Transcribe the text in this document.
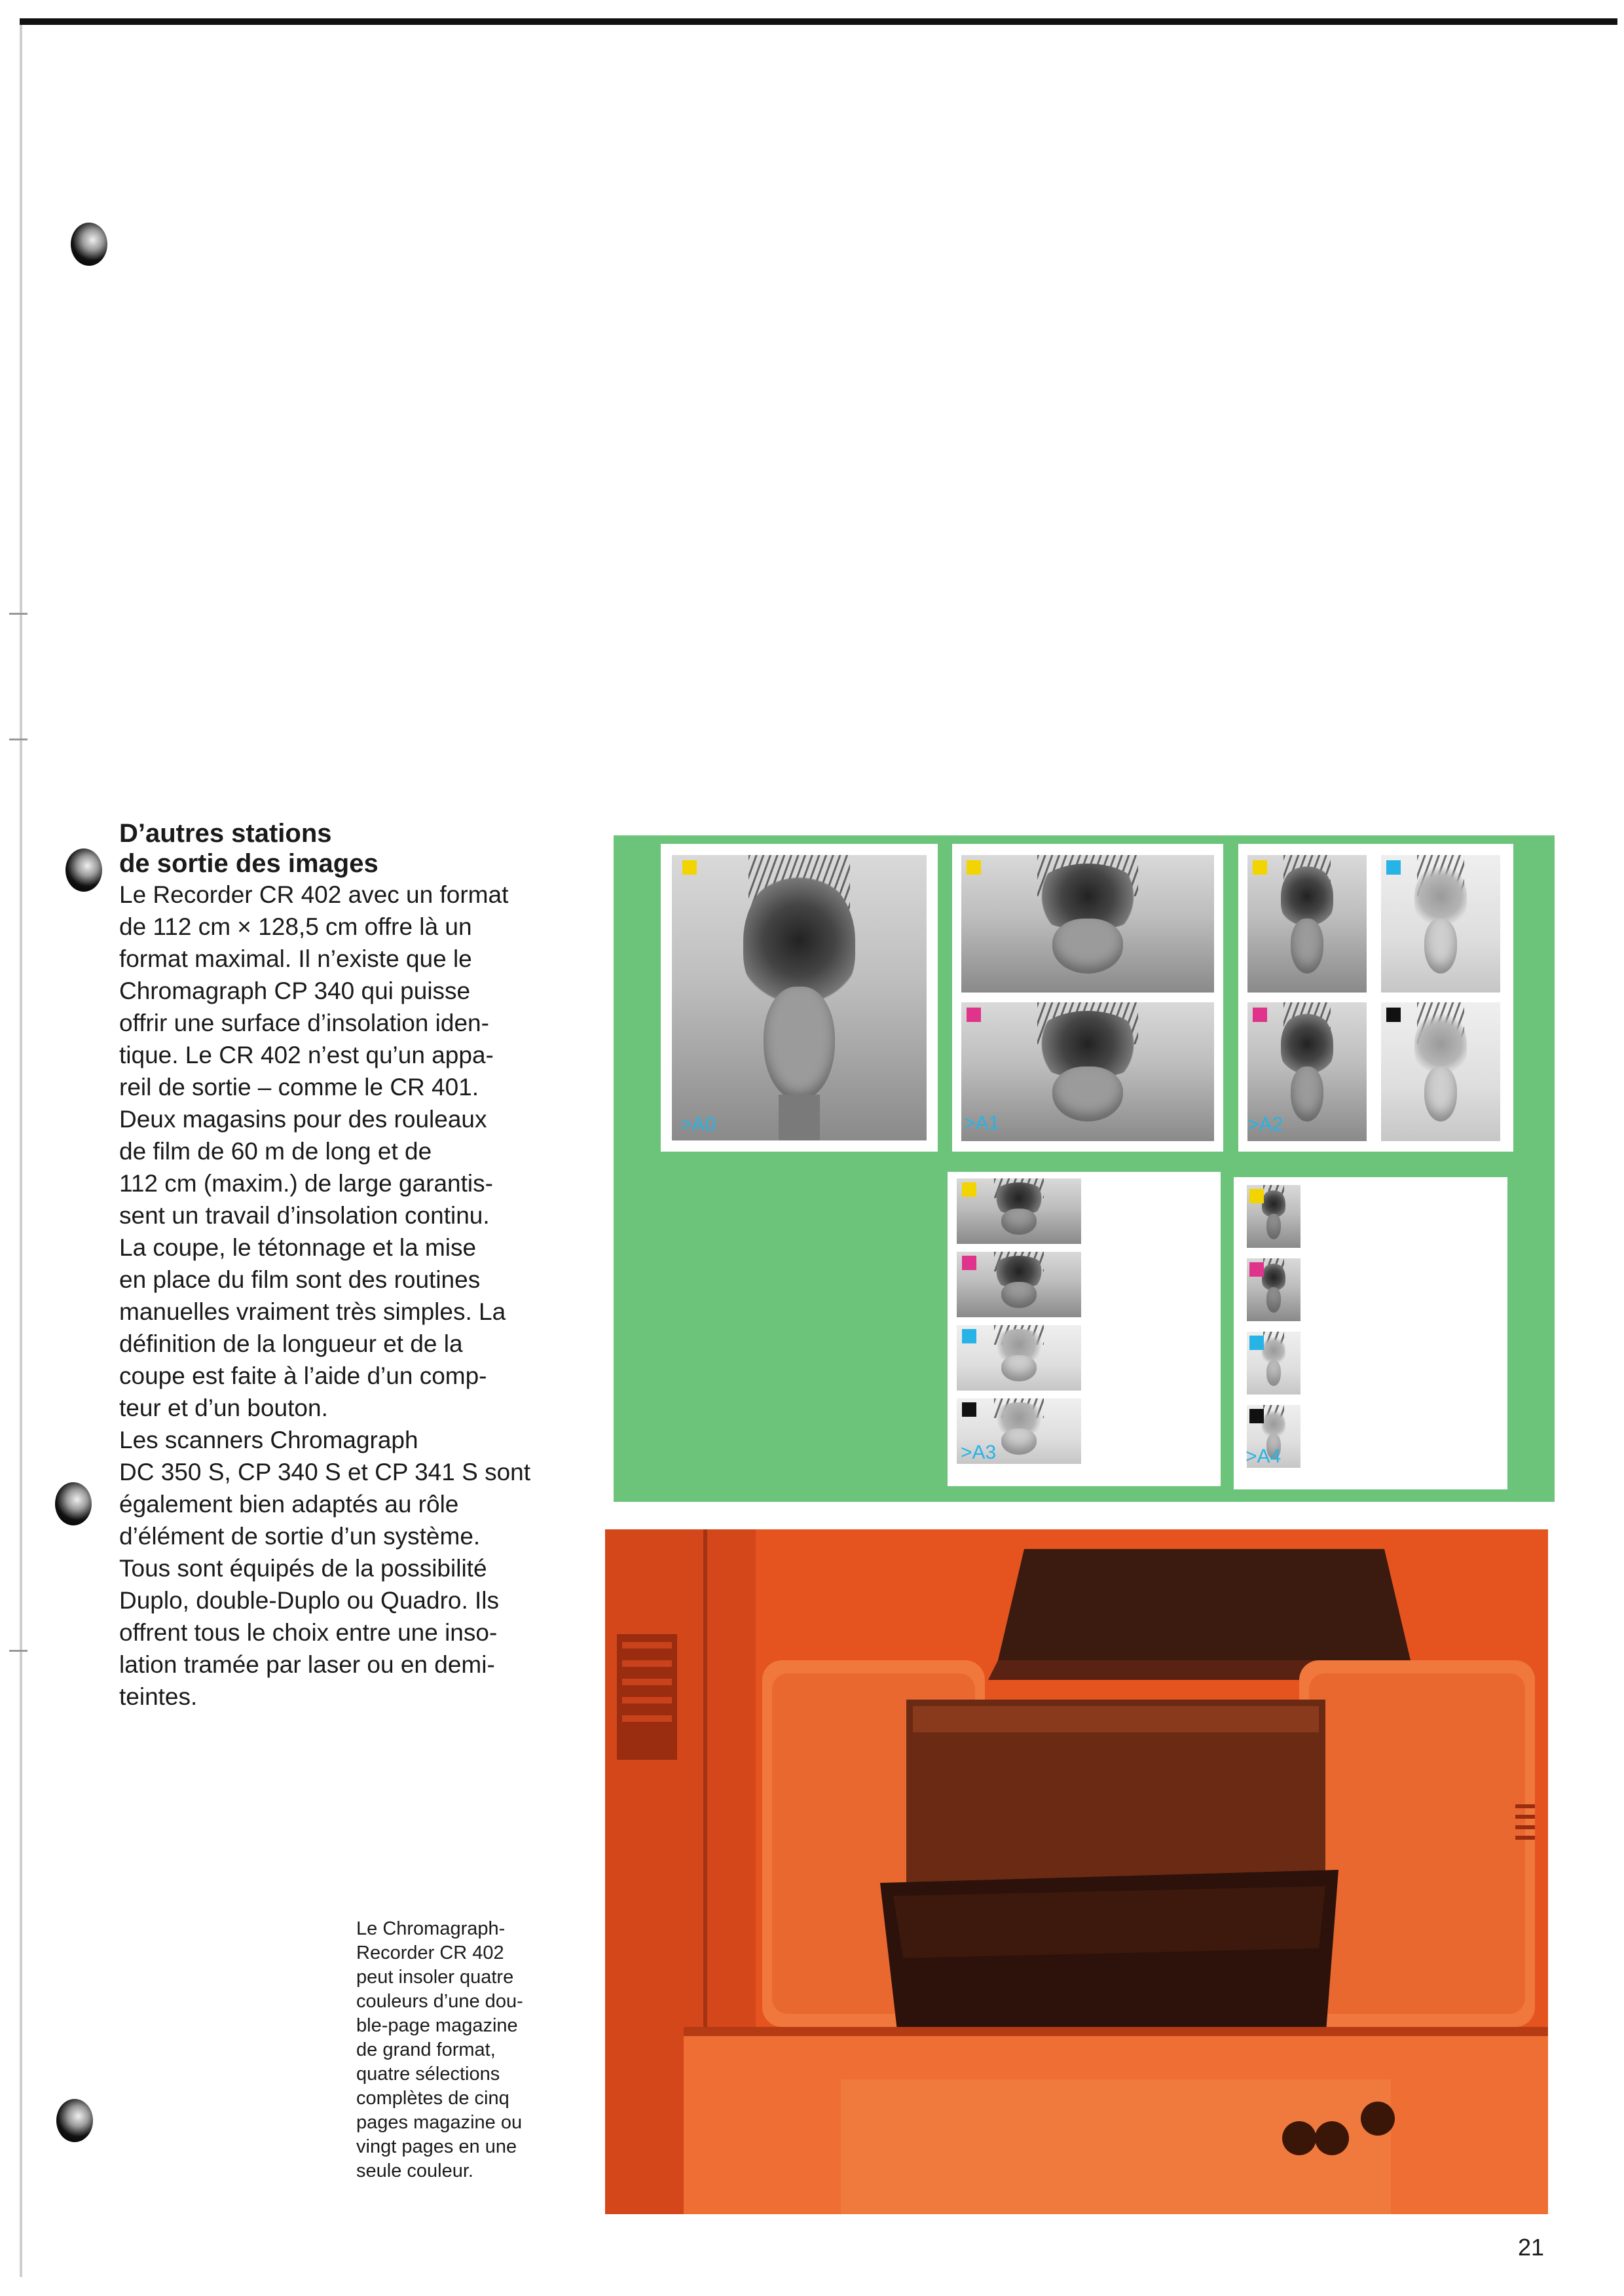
D’autres stations

de sortie des images

Le Recorder CR 402 avec un format
de 112 cm × 128,5 cm offre là un
format maximal. Il n’existe que le
Chromagraph CP 340 qui puisse
offrir une surface d’insolation iden-
tique. Le CR 402 n’est qu’un appa-
reil de sortie – comme le CR 401.
Deux magasins pour des rouleaux
de film de 60 m de long et de
112 cm (maxim.) de large garantis-
sent un travail d’insolation continu.
La coupe, le tétonnage et la mise
en place du film sont des routines
manuelles vraiment très simples. La
définition de la longueur et de la
coupe est faite à l’aide d’un comp-
teur et d’un bouton.
Les scanners Chromagraph
DC 350 S, CP 340 S et CP 341 S sont
également bien adaptés au rôle
d’élément de sortie d’un système.
Tous sont équipés de la possibilité
Duplo, double-Duplo ou Quadro. Ils
offrent tous le choix entre une inso-
lation tramée par laser ou en demi-
teintes.

>A0	>A1	>A2
>A3	>A4

Le Chromagraph-
Recorder CR 402
peut insoler quatre
couleurs d’une dou-
ble-page magazine
de grand format,
quatre sélections
complètes de cinq
pages magazine ou
vingt pages en une
seule couleur.

21
